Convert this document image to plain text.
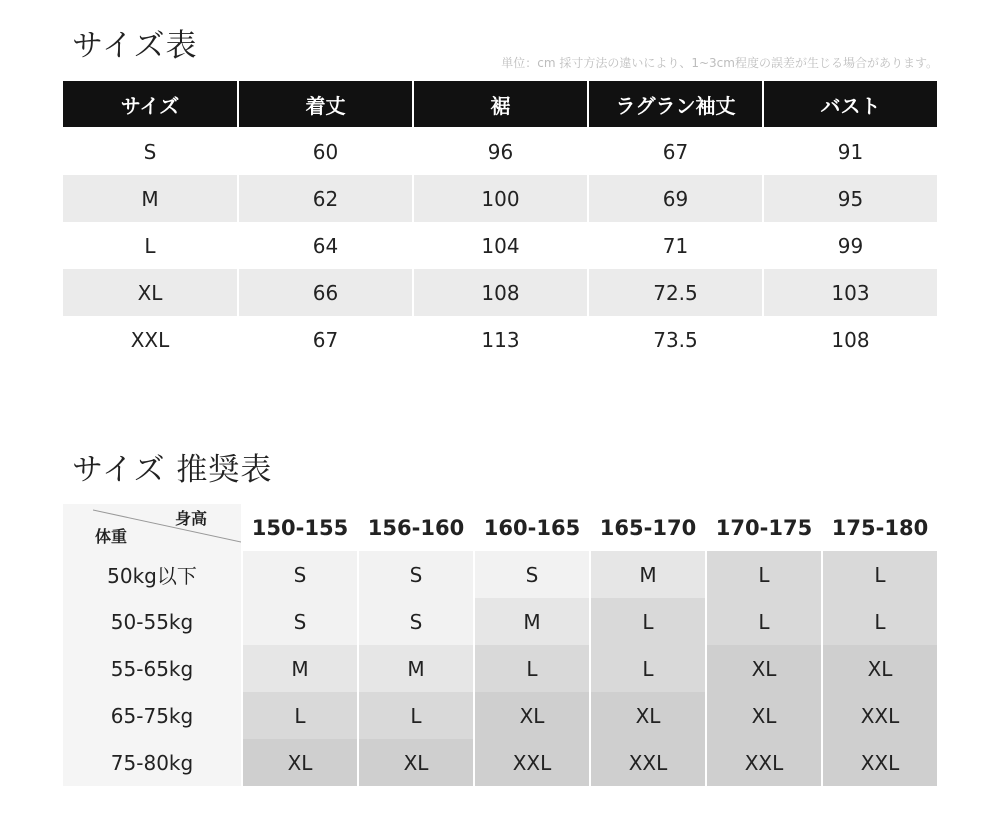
サイズ表	単位：cm 採寸方法の違いにより、1~3cm程度の誤差が生じる場合があります。
サイズ	着丈	裾	ラグラン袖丈	バスト
S	60	96	67	91
M	62	100	69	95
L	64	104	71	99
XL	66	108	72.5	103
XXL	67	113	73.5	108
サイズ 推奨表
身高
体重	150-155 156-160 160-165 165-170 170-175 175-180
50kg以下	S	S	S	M	L	L
50-55kg	S	S	M	L	L	L
55-65kg	M	M	L	L	XL	XL
65-75kg	L	L	XL	XL	XL	XXL
75-80kg	XL	XL	XXL	XXL	XXL	XXL
